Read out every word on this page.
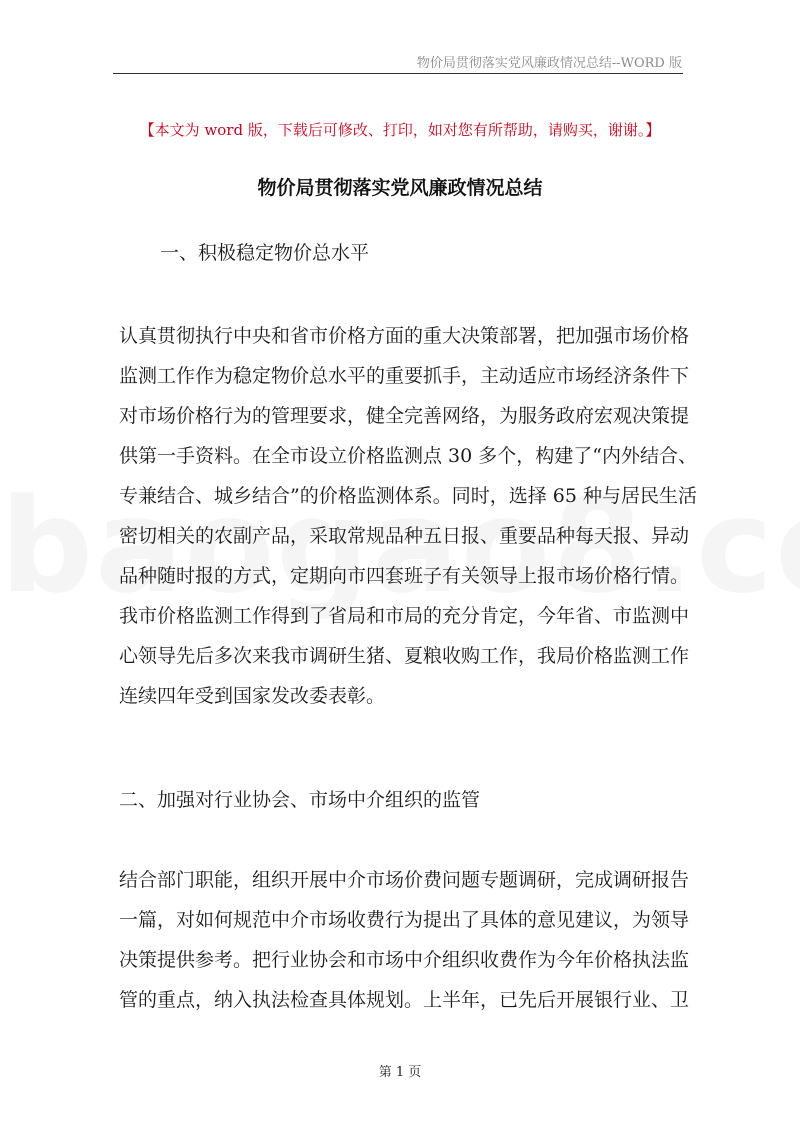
物价局贯彻落实党风廉政情况总结--WORD 版
【本文为 word 版，下载后可修改、打印，如对您有所帮助，请购买，谢谢。】
物价局贯彻落实党风廉政情况总结
一、积极稳定物价总水平
认真贯彻执行中央和省市价格方面的重大决策部署，把加强市场价格
监测工作作为稳定物价总水平的重要抓手，主动适应市场经济条件下
对市场价格行为的管理要求，健全完善网络，为服务政府宏观决策提
供第一手资料。在全市设立价格监测点 30 多个，构建了“内外结合、
专兼结合、城乡结合”的价格监测体系。同时，选择 65 种与居民生活
密切相关的农副产品，采取常规品种五日报、重要品种每天报、异动
品种随时报的方式，定期向市四套班子有关领导上报市场价格行情。
我市价格监测工作得到了省局和市局的充分肯定，今年省、市监测中
心领导先后多次来我市调研生猪、夏粮收购工作，我局价格监测工作
连续四年受到国家发改委表彰。
二、加强对行业协会、市场中介组织的监管
结合部门职能，组织开展中介市场价费问题专题调研，完成调研报告
一篇，对如何规范中介市场收费行为提出了具体的意见建议，为领导
决策提供参考。把行业协会和市场中介组织收费作为今年价格执法监
管的重点，纳入执法检查具体规划。上半年，已先后开展银行业、卫
第 1 页
